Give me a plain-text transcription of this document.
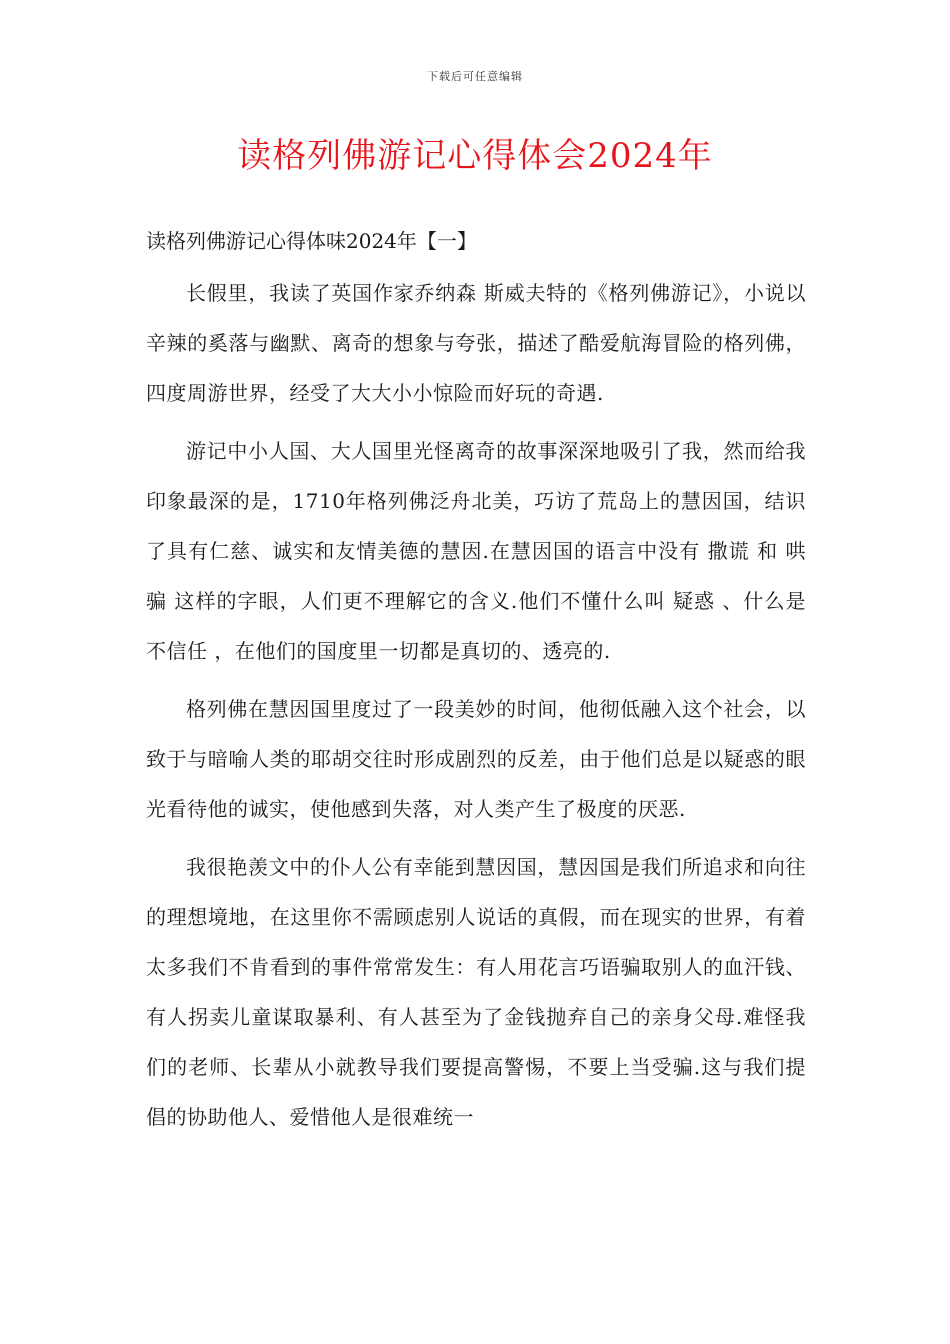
下载后可任意编辑
读格列佛游记心得体会2024年
读格列佛游记心得体味2024年【一】

长假里，我读了英国作家乔纳森 斯威夫特的《格列佛游记》，小说以辛辣的奚落与幽默、离奇的想象与夸张，描述了酷爱航海冒险的格列佛，四度周游世界，经受了大大小小惊险而好玩的奇遇.

游记中小人国、大人国里光怪离奇的故事深深地吸引了我，然而给我印象最深的是，1710年格列佛泛舟北美，巧访了荒岛上的慧因国，结识了具有仁慈、诚实和友情美德的慧因.在慧因国的语言中没有 撒谎 和 哄骗 这样的字眼，人们更不理解它的含义.他们不懂什么叫 疑惑 、什么是 不信任 ，在他们的国度里一切都是真切的、透亮的.

格列佛在慧因国里度过了一段美妙的时间，他彻低融入这个社会，以致于与暗喻人类的耶胡交往时形成剧烈的反差，由于他们总是以疑惑的眼光看待他的诚实，使他感到失落，对人类产生了极度的厌恶.

我很艳羡文中的仆人公有幸能到慧因国，慧因国是我们所追求和向往的理想境地，在这里你不需顾虑别人说话的真假，而在现实的世界，有着太多我们不肯看到的事件常常发生：有人用花言巧语骗取别人的血汗钱、有人拐卖儿童谋取暴利、有人甚至为了金钱抛弃自己的亲身父母.难怪我们的老师、长辈从小就教导我们要提高警惕，不要上当受骗.这与我们提倡的协助他人、爱惜他人是很难统一
